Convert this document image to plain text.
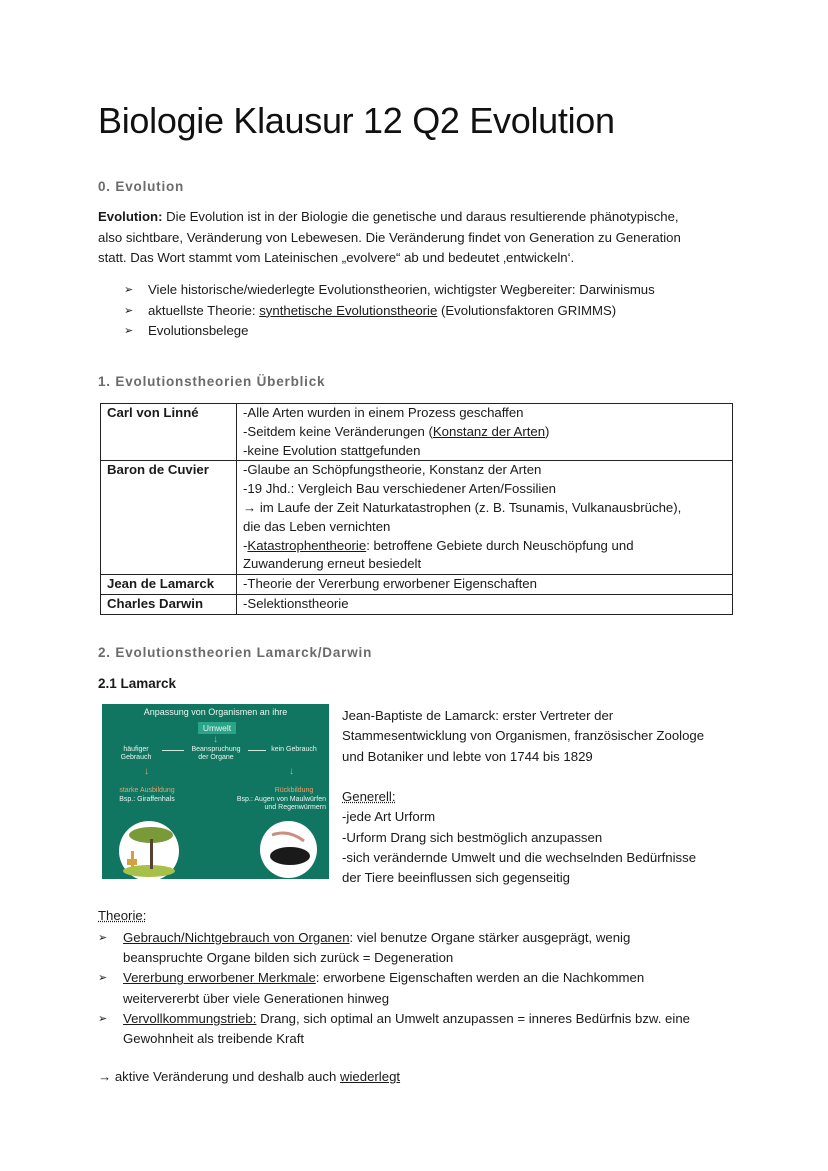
Biologie Klausur 12 Q2 Evolution
0. Evolution

Evolution: Die Evolution ist in der Biologie die genetische und daraus resultierende phänotypische,
also sichtbare, Veränderung von Lebewesen. Die Veränderung findet von Generation zu Generation
statt. Das Wort stammt vom Lateinischen „evolvere“ ab und bedeutet ‚entwickeln‘.

➢ Viele historische/wiederlegte Evolutionstheorien, wichtigster Wegbereiter: Darwinismus
➢ aktuellste Theorie: synthetische Evolutionstheorie (Evolutionsfaktoren GRIMMS)
➢ Evolutionsbelege
1. Evolutionstheorien Überblick
Carl von Linné	-Alle Arten wurden in einem Prozess geschaffen
-Seitdem keine Veränderungen (Konstanz der Arten)
-keine Evolution stattgefunden
Baron de Cuvier	-Glaube an Schöpfungstheorie, Konstanz der Arten
-19 Jhd.: Vergleich Bau verschiedener Arten/Fossilien
→ im Laufe der Zeit Naturkatastrophen (z. B. Tsunamis, Vulkanausbrüche),
die das Leben vernichten
-Katastrophentheorie: betroffene Gebiete durch Neuschöpfung und
Zuwanderung erneut besiedelt
Jean de Lamarck	-Theorie der Vererbung erworbener Eigenschaften
Charles Darwin	-Selektionstheorie
2. Evolutionstheorien Lamarck/Darwin
2.1 Lamarck
Anpassung von Organismen an ihre
Umwelt
↓
häufiger Gebrauch
Beanspruchung der Organe
kein Gebrauch
↓	↓
starke Ausbildung
Bsp.: Giraffenhals
Rückbildung
Bsp.: Augen von Maulwürfen
und Regenwürmern

Jean-Baptiste de Lamarck: erster Vertreter der
Stammesentwicklung von Organismen, französischer Zoologe
und Botaniker und lebte von 1744 bis 1829

Generell:
-jede Art Urform
-Urform Drang sich bestmöglich anzupassen
-sich verändernde Umwelt und die wechselnden Bedürfnisse
der Tiere beeinflussen sich gegenseitig

Theorie:
➢ Gebrauch/Nichtgebrauch von Organen: viel benutze Organe stärker ausgeprägt, wenig
beanspruchte Organe bilden sich zurück = Degeneration
➢ Vererbung erworbener Merkmale: erworbene Eigenschaften werden an die Nachkommen
weitervererbt über viele Generationen hinweg
➢ Vervollkommungstrieb: Drang, sich optimal an Umwelt anzupassen = inneres Bedürfnis bzw. eine
Gewohnheit als treibende Kraft
→ aktive Veränderung und deshalb auch wiederlegt
